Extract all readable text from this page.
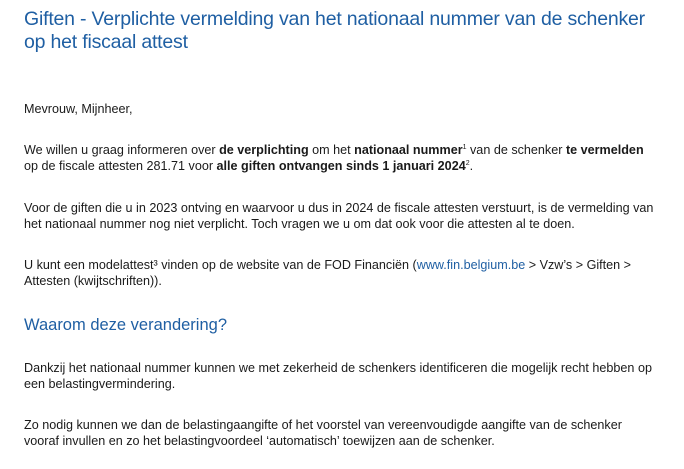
Giften - Verplichte vermelding van het nationaal nummer van de schenker op het fiscaal attest

Mevrouw, Mijnheer,

We willen u graag informeren over de verplichting om het nationaal nummer$^1$ van de schenker te vermelden op de fiscale attesten 281.71 voor alle giften ontvangen sinds 1 januari 2024$^2$.

Voor de giften die u in 2023 ontving en waarvoor u dus in 2024 de fiscale attesten verstuurt, is de vermelding van het nationaal nummer nog niet verplicht. Toch vragen we u om dat ook voor die attesten al te doen.

U kunt een modelattest³ vinden op de website van de FOD Financiën (www.fin.belgium.be > Vzw’s > Giften > Attesten (kwijtschriften)).

Waarom deze verandering?

Dankzij het nationaal nummer kunnen we met zekerheid de schenkers identificeren die mogelijk recht hebben op een belastingvermindering.

Zo nodig kunnen we dan de belastingaangifte of het voorstel van vereenvoudigde aangifte van de schenker vooraf invullen en zo het belastingvoordeel ‘automatisch’ toewijzen aan de schenker.
